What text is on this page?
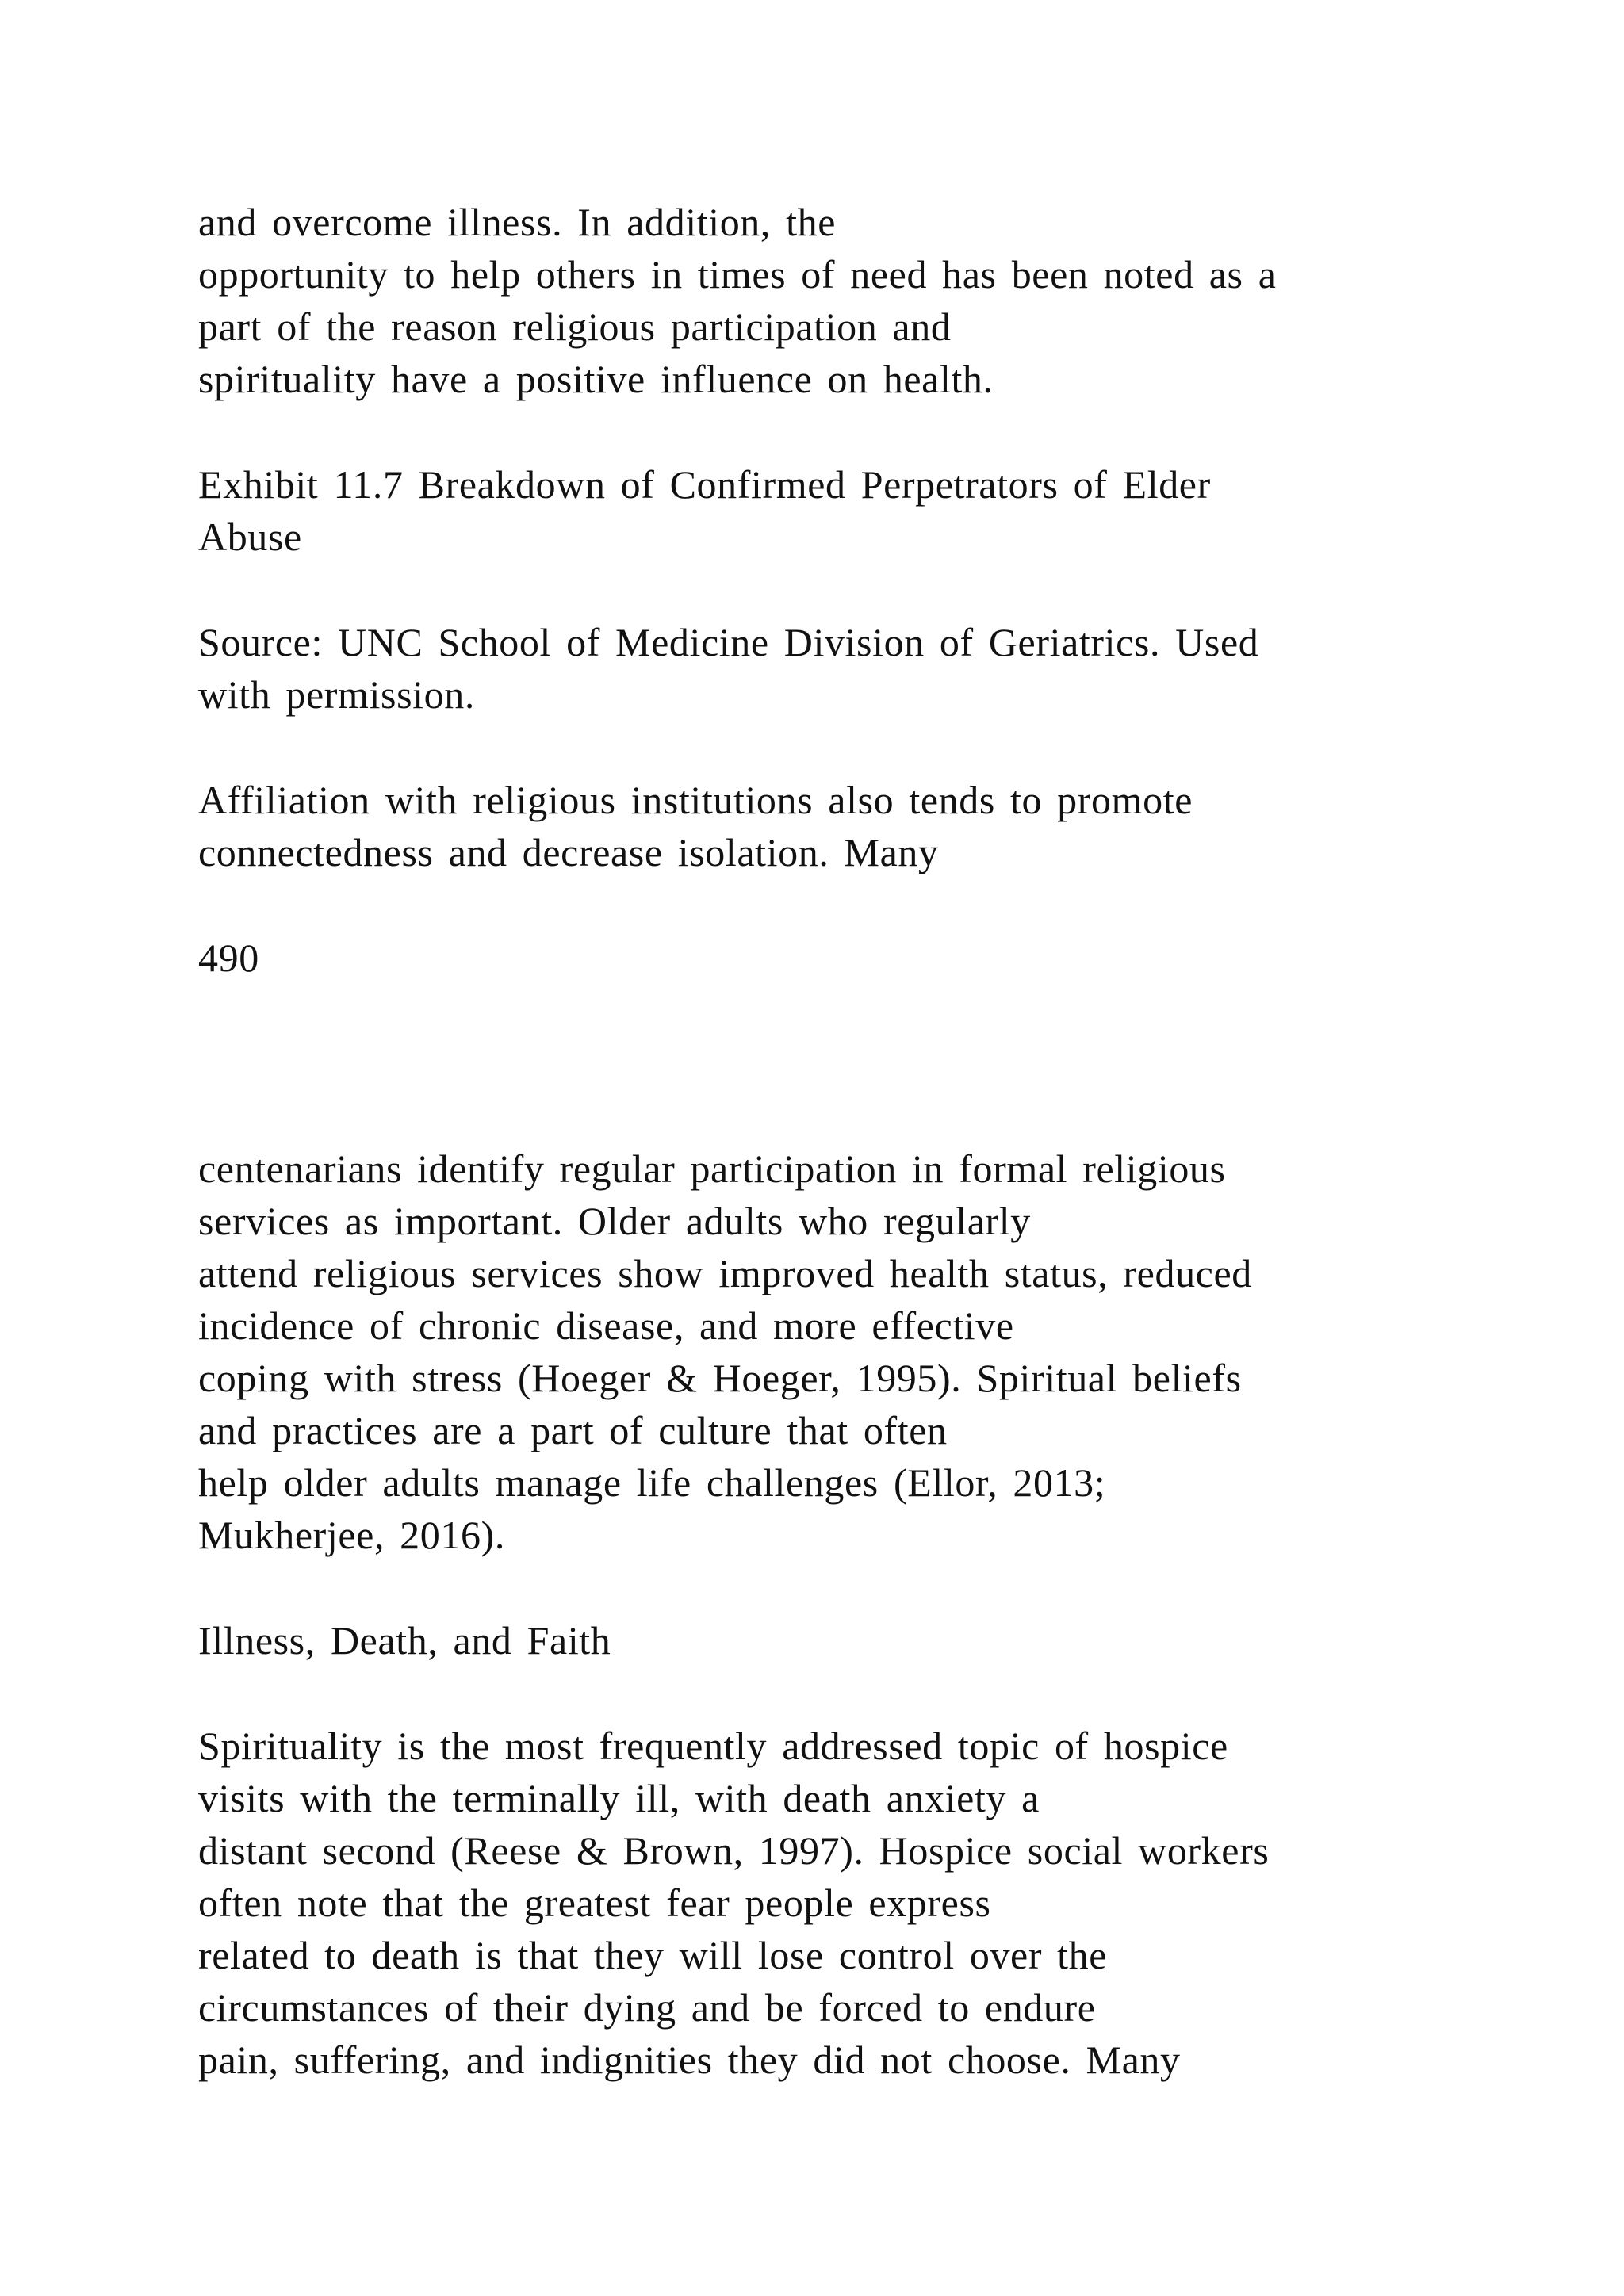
and overcome illness. In addition, the

opportunity to help others in times of need has been noted as a

part of the reason religious participation and

spirituality have a positive influence on health.

Exhibit 11.7 Breakdown of Confirmed Perpetrators of Elder

Abuse

Source: UNC School of Medicine Division of Geriatrics. Used

with permission.

Affiliation with religious institutions also tends to promote

connectedness and decrease isolation. Many

490

centenarians identify regular participation in formal religious

services as important. Older adults who regularly

attend religious services show improved health status, reduced

incidence of chronic disease, and more effective

coping with stress (Hoeger & Hoeger, 1995). Spiritual beliefs

and practices are a part of culture that often

help older adults manage life challenges (Ellor, 2013;

Mukherjee, 2016).

Illness, Death, and Faith

Spirituality is the most frequently addressed topic of hospice

visits with the terminally ill, with death anxiety a

distant second (Reese & Brown, 1997). Hospice social workers

often note that the greatest fear people express

related to death is that they will lose control over the

circumstances of their dying and be forced to endure

pain, suffering, and indignities they did not choose. Many
